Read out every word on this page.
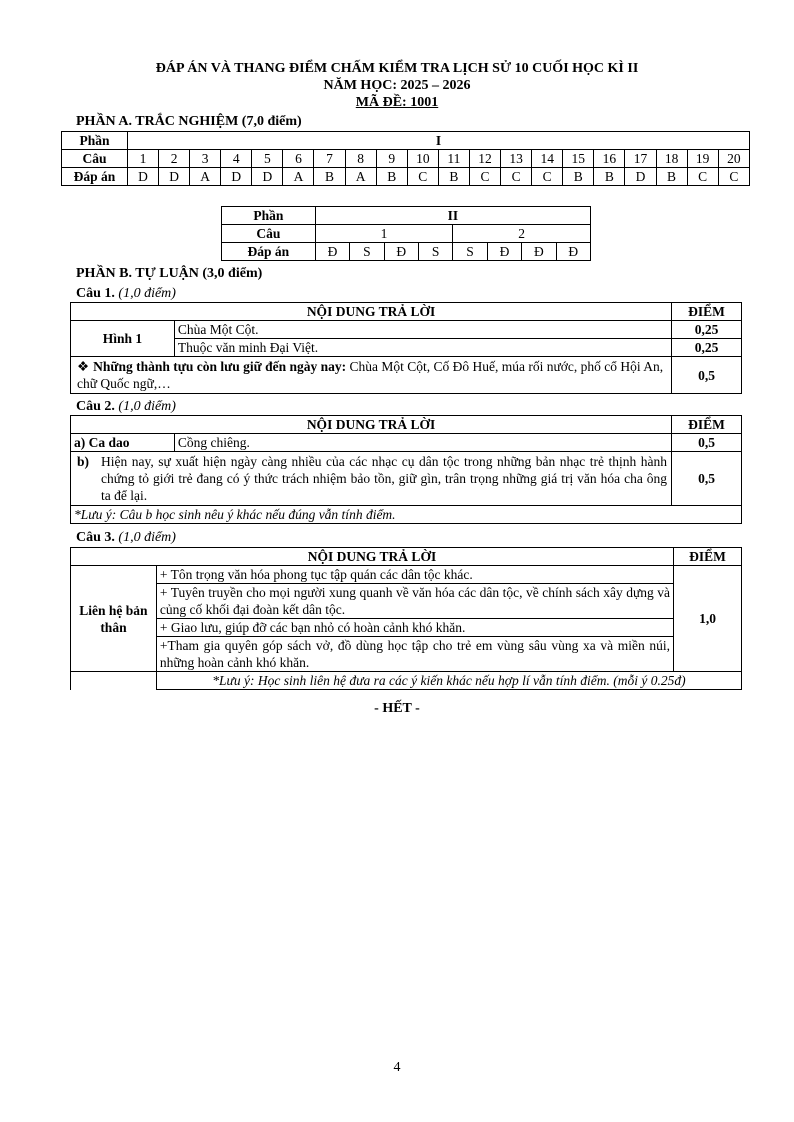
ĐÁP ÁN VÀ THANG ĐIỂM CHẤM KIỂM TRA LỊCH SỬ 10 CUỐI HỌC KÌ II
NĂM HỌC: 2025 – 2026
MÃ ĐỀ: 1001
PHẦN A. TRẮC NGHIỆM (7,0 điểm)
Phần	I																			
Câu	1	2	3	4	5	6	7	8	9	10	11	12	13	14	15	16	17	18	19	20
Đáp án	D	D	A	D	D	A	B	A	B	C	B	C	C	C	B	B	D	B	C	C
Phần	II							
Câu	1				2			
Đáp án	Đ	S	Đ	S	S	Đ	Đ	Đ
PHẦN B. TỰ LUẬN (3,0 điểm)
Câu 1. (1,0 điểm)
NỘI DUNG TRẢ LỜI		ĐIỂM
Hình 1	Chùa Một Cột.	0,25
	Thuộc văn minh Đại Việt.	0,25
❖ Những thành tựu còn lưu giữ đến ngày nay: Chùa Một Cột, Cố Đô Huế, múa rối nước, phố cổ Hội An, chữ Quốc ngữ,…		0,5
Câu 2. (1,0 điểm)
NỘI DUNG TRẢ LỜI		ĐIỂM
a) Ca dao	Cồng chiêng.	0,5

b) Hiện nay, sự xuất hiện ngày càng nhiều của các nhạc cụ dân tộc trong những bản nhạc trẻ thịnh hành chứng tỏ giới trẻ đang có ý thức trách nhiệm bảo tồn, giữ gìn, trân trọng những giá trị văn hóa cha ông ta để lại.		0,5
*Lưu ý: Câu b học sinh nêu ý khác nếu đúng vẫn tính điểm.		
Câu 3. (1,0 điểm)
NỘI DUNG TRẢ LỜI		ĐIỂM
Liên hệ bản thân	+ Tôn trọng văn hóa phong tục tập quán các dân tộc khác.	1,0
	+ Tuyên truyền cho mọi người xung quanh về văn hóa các dân tộc, về chính sách xây dựng và củng cố khối đại đoàn kết dân tộc.	
	+ Giao lưu, giúp đỡ các bạn nhỏ có hoàn cảnh khó khăn.	
	+Tham gia quyên góp sách vở, đồ dùng học tập cho trẻ em vùng sâu vùng xa và miền núi, những hoàn cảnh khó khăn.	
	*Lưu ý: Học sinh liên hệ đưa ra các ý kiến khác nếu hợp lí vẫn tính điểm. (mỗi ý 0.25đ)	
- HẾT -
4
